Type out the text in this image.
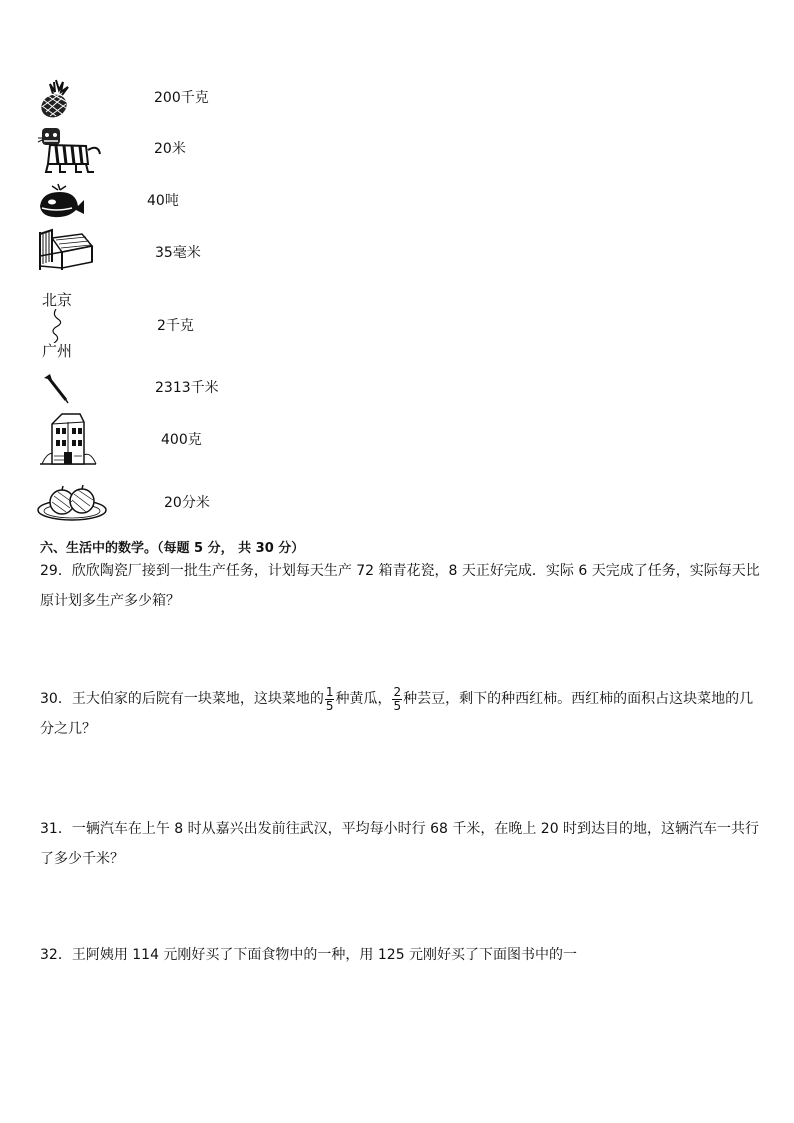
200千克
20米
40吨
35毫米
北京
广州
2千克
2313千米
400克
20分米
六、生活中的数学。（每题 5 分， 共 30 分）
29．欣欣陶瓷厂接到一批生产任务，计划每天生产 72 箱青花瓷，8 天正好完成．实际 6 天完成了任务，实际每天比原计划多生产多少箱？
30．王大伯家的后院有一块菜地，这块菜地的 $\frac{1}{5}$ 种黄瓜， $\frac{2}{5}$ 种芸豆，剩下的种西红柿。西红柿的面积占这块菜地的几分之几？
31．一辆汽车在上午 8 时从嘉兴出发前往武汉，平均每小时行 68 千米，在晚上 20 时到达目的地，这辆汽车一共行了多少千米？
32．王阿姨用 114 元刚好买了下面食物中的一种，用 125 元刚好买了下面图书中的一
